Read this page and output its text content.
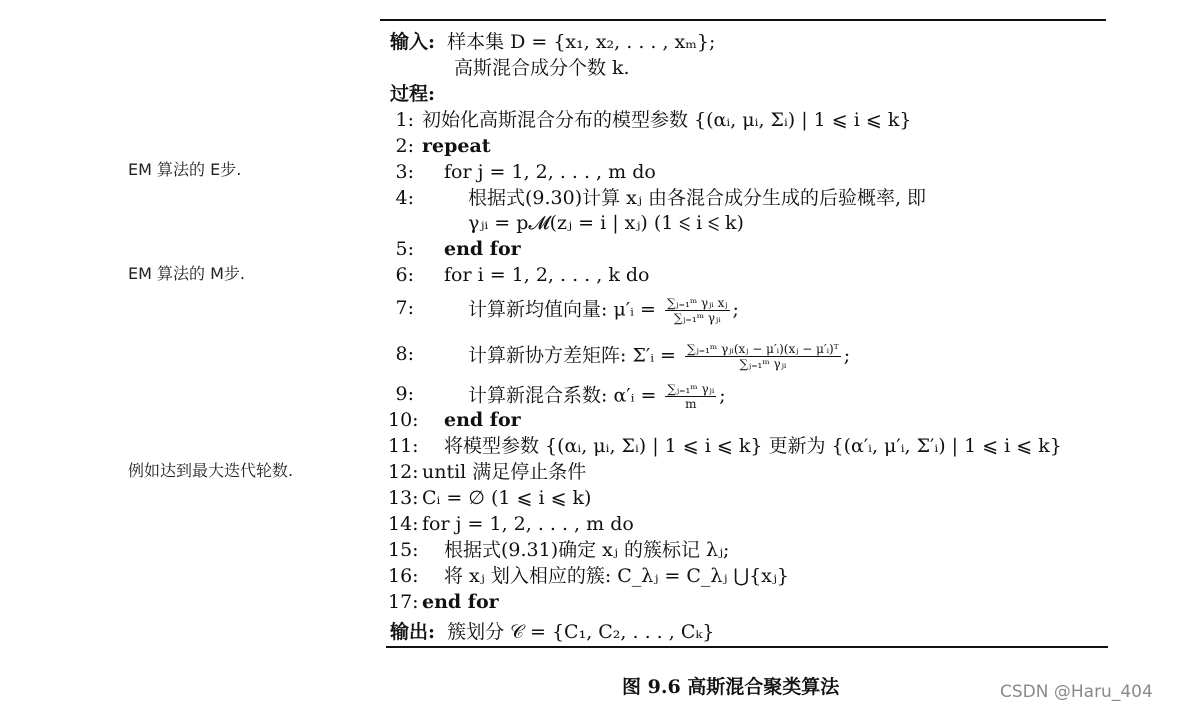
EM 算法的 E步.
EM 算法的 M步.
例如达到最大迭代轮数.
输入: 样本集 D = {x₁, x₂, . . . , xₘ};
高斯混合成分个数 k.
过程:
1: 初始化高斯混合分布的模型参数 {(αᵢ, μᵢ, Σᵢ) | 1 ⩽ i ⩽ k}
2: repeat
3: for j = 1, 2, . . . , m do
4:	根据式(9.30)计算 xⱼ 由各混合成分生成的后验概率, 即
γⱼᵢ = p𝓜(zⱼ = i | xⱼ) (1 ⩽ i ⩽ k)
5: end for
6: for i = 1, 2, . . . , k do
7:	计算新均值向量: μ′ᵢ = $\frac{\text{∑ⱼ₌₁ᵐ γⱼᵢ xⱼ}}{\text{∑ⱼ₌₁ᵐ γⱼᵢ}}$ ;
8:	计算新协方差矩阵: Σ′ᵢ = $\frac{\text{∑ⱼ₌₁ᵐ γⱼᵢ(xⱼ − μ′ᵢ)(xⱼ − μ′ᵢ)ᵀ}}{\text{∑ⱼ₌₁ᵐ γⱼᵢ}}$ ;
9:	计算新混合系数: α′ᵢ = $\frac{\text{∑ⱼ₌₁ᵐ γⱼᵢ}}{m}$ ;
10: end for
11: 将模型参数 {(αᵢ, μᵢ, Σᵢ) | 1 ⩽ i ⩽ k} 更新为 {(α′ᵢ, μ′ᵢ, Σ′ᵢ) | 1 ⩽ i ⩽ k}
12: until 满足停止条件
13: Cᵢ = ∅ (1 ⩽ i ⩽ k)
14: for j = 1, 2, . . . , m do
15: 根据式(9.31)确定 xⱼ 的簇标记 λⱼ;
16: 将 xⱼ 划入相应的簇: C_λⱼ = C_λⱼ ⋃{xⱼ}
17: end for
输出: 簇划分 𝒞 = {C₁, C₂, . . . , Cₖ}
图 9.6 高斯混合聚类算法	CSDN @Haru_404
